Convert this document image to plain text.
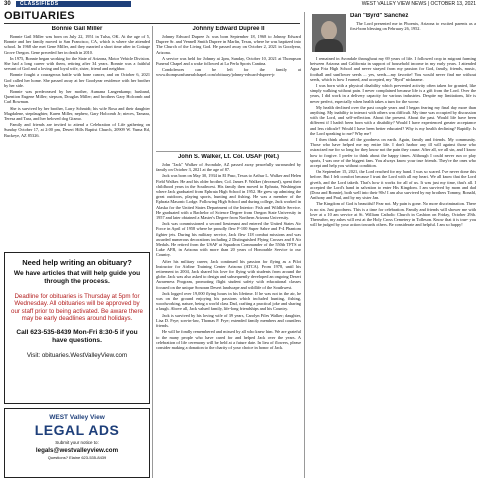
30 CLASSIFIEDS	WEST VALLEY VIEW NEWS | OCTOBER 13, 2021
OBITUARIES
Bonnie Gail Miller

Bonnie Gail Miller was born on July 22, 1951 in Tulsa, OK. At the age of 5, Bonnie and her family moved to San Francisco, CA, which is where she attended school. In 1968 she met Gene Miller, and they married a short time after in Cottage Grove Oregon. Gene preceded her in death in 2010.

In 1975, Bonnie began working for the State of Arizona, Motor Vehicle Division. She had a long career with them, retiring after 34 years. Bonnie was a faithful servant of God and a loving and loyal wife, sister, friend and neighbor.

Bonnie fought a courageous battle with bone cancer, and on October 6, 2021 God called her home. She passed away at her Goodyear residence with her brother by her side.

Bonnie was predeceased by her mother, Aumana Langenkamp; husband, Quention Eugene Miller; stepson, Douglas Miller; and brothers Gary Holcomb and Carl Bowman.

She is survived by her brother, Larry Schmidt; his wife Rosa and their daughter Magdalene, stepdaughter, Karen Miller, nephew, Gary Holcomb Jr; nieces, Tamara, Teresa and Tara, and her beloved dog Gizmo.

Family and friends are invited to attend a Celebration of Life gathering on Sunday October 17, at 2:00 pm, Desert Hills Baptist Church, 20909 W. Yuma Rd, Buckeye, AZ 85326.

Johnny Edward Dupree II

Johnny Edward Dupree Jr. was born September 18, 1968 to Johnny Edward Dupree Sr. and Vennell Smith Dupree in Marlin, Texas, where he was baptized into The Church of the Living God. He passed away on October 2, 2021 in Goodyear, Arizona.

A service was held for Johnny at 2pm, Sunday, October 10, 2021 at Thompson Funeral Chapel and a wake followed at La Perla Sports Cantina.

Condolences can be left for the family at www.thompsonfuneralchapel.com/obituary/johnny-edward-dupree-jr

John S. Walker, Lt. Col. USAF (Ret.)

John "Jack" Walker of Avondale, AZ passed away peacefully surrounded by family on October 3, 2021 at the age of 87.

Jack was born on May 30, 1934 in El Paso, Texas to Arthur L. Walker and Helen Field Walker. He and his older brother, Col. James F. Walker (deceased), spent their childhood years in the Southwest. His family then moved to Ephrata, Washington where Jack graduated from Ephrata High School in 1952. He grew up admiring the great outdoors, playing sports, hunting and fishing. He was a member of the Ephrata Masonic Lodge. Following High School and during college, Jack worked in Alaska for the United States Department of the Interior: Fish and Wildlife Service. He graduated with a Bachelor of Science Degree from Oregon State University in 1957 and later obtained a Master's Degree from Northern Arizona University.

Jack was commissioned a second lieutenant and entered the United States Air Force in April of 1958 where he proudly flew F-100 Super Sabre and F-4 Phantom fighter jets. During his military service, Jack flew 118 combat missions and was awarded numerous decorations including 2 Distinguished Flying Crosses and 8 Air Medals. He retired from the USAF at Squadron Commander of the 550th TFTS at Luke AFB, in Arizona with more than 20 years of Honorable Service to our Country.

After his military career, Jack continued his passion for flying as a Pilot Instructor for Airline Training Center Arizona (ATCA). From 1978, until his retirement in 2004, Jack shared his love for flying with students from around the globe. Jack was also asked to design and subsequently developed an ongoing Desert Awareness Program, promoting flight student safety with educational classes focused on the unique Sonoran Desert landscape and wildlife of the Southwest.

Jack logged over 19,000 flying hours in his lifetime. If he was not in the air, he was on the ground enjoying his passions which included hunting, fishing, woodworking, nature, being a world class Dad, crafting a practical joke and sharing a laugh. Above all, Jack valued family, life-long friendships and his Country.

Jack is survived by his loving wife of 39 years, Carolyn Files Walker; daughter, Lisa D. Frye; son-in-law, Thomas P. Frye; extended family members and countless friends.

He will be fondly remembered and missed by all who knew him. We are grateful to the many people who have cared for and helped Jack over the years. A celebration of life ceremony will be held at a future date. In lieu of flowers, please consider making a donation to the charity of your choice in honor of Jack.

Dan "Byrd" Sanchez

The Lord presented me in Phoenix, Arizona to excited parents as a first-born blessing on February 26, 1952.

I remained in Avondale throughout my 69 years of life. I followed crop in migrant farming between Arizona and California in support of household income in my early years. I attended Agua Fria High School and never strayed from my passion for God, family, friends, music, football and sunflower seeds ... yes, seeds—my favorite! You would never find me without seeds, which is how I earned, and accepted, my "Byrd" nickname.

I was born with a physical disability which prevented activity often taken for granted, like simply walking without pain. I never complained because life is a gift from the Lord. Over the years, I did work in a delivery capacity for various industries. Despite my limitations, life is never perfect, especially when health takes a turn for the worse.

My health declined over the past couple years and I began fearing my final day more than anything. My inability to interact with others was difficult. My time was occupied by discussion with the Lord, and self-reflection. About the present. About the past. Would life have been different if I hadn't been born with a disability? Would I have experienced greater acceptance and less ridicule? Would I have been better educated? Why is my health declining? Rapidly. Is the Lord speaking to me? Why me?

I then think about all the goodness on earth. Again, family and friends. My community. Those who have helped me my entire life. I don't harbor any ill will against those who ostracized me for so long for they know not the pain they cause. After all, we all sin, and I know how to forgive. I prefer to think about the happy times. Although I could never run or play sports, I was one of the biggest fans. You always know your true friends. They're the ones who accept and help you without condition.

On September 15, 2021, the Lord reached for my hand. I was so scared. I've never done this before. But I felt comfort because I trust the Lord with all my heart. We all know that the Lord giveth, and the Lord taketh. That's how it works for all of us. It was just my time, that's all. I accepted the Lord's hand in salvation to enter His Kingdom. I am survived by mom and dad (Dora and Ronnie), both well into their 90s! I am also survived by my brothers Tommy, Ronald, Anthony and Paul, and by my sister Jan.

The Kingdom of God is beautiful! Fear not. My pain is gone. No more discrimination. There is no sin. Just goodness. This is a time for celebration. Family and friends will shower me with love at a 10 am service at St. William Catholic Church in Cashion on Friday, October 29th. Thereafter, my ashes will rest at the Holy Cross Cemetery in Tolleson. Know that it is true- you will be judged by your action towards others. Be considerate and helpful. I am so happy!

Need help writing an obituary?
We have articles that will help guide you through the process.
Deadline for obituaries is Thursday at 5pm for Wednesday. All obituaries will be approved by our staff prior to being activated. Be aware there may be early deadlines around holidays.
Call 623-535-8439 Mon-Fri 8:30-5 if you have questions.
Visit: obituaries.WestValleyView.com
WEST Valley View
LEGAL ADS
Submit your notice to:
legals@westvalleyview.com
Questions? Elaine 623-535-8439
